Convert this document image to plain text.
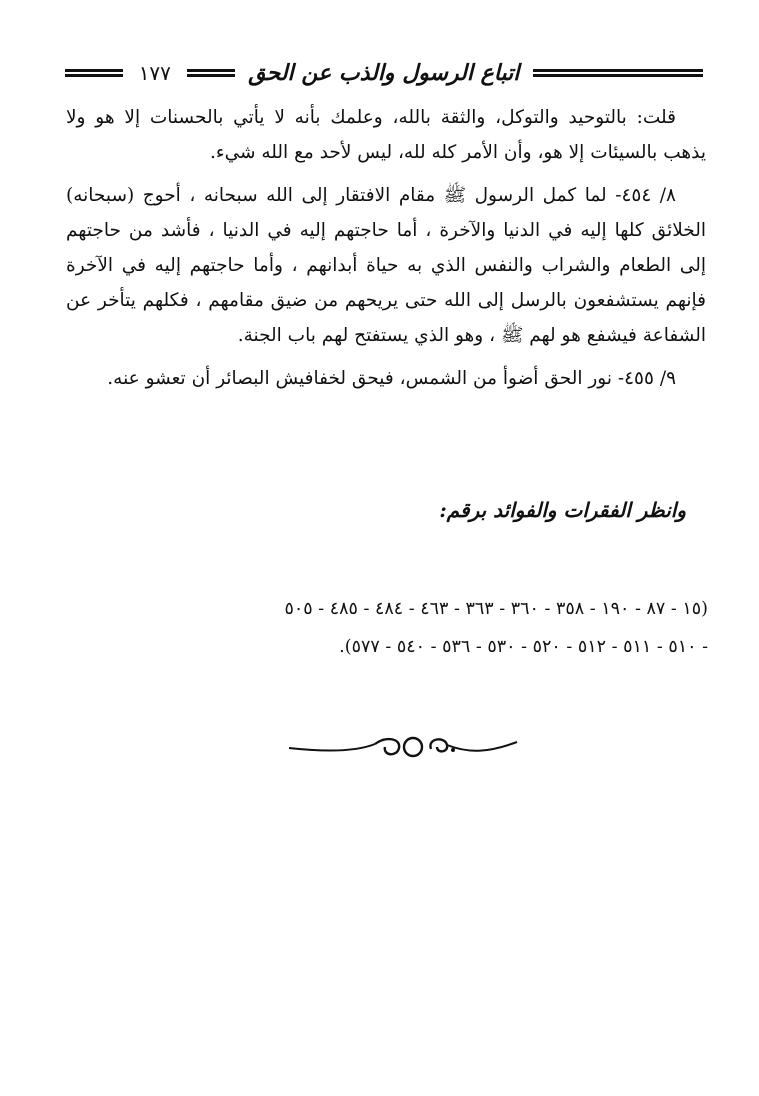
اتباع الرسول والذب عن الحق
١٧٧

قلت: بالتوحيد والتوكل، والثقة بالله، وعلمك بأنه لا يأتي بالحسنات إلا هو ولا يذهب بالسيئات إلا هو، وأن الأمر كله لله، ليس لأحد مع الله شيء.

٨/ ٤٥٤- لما كمل الرسول ﷺ مقام الافتقار إلى الله سبحانه ، أحوج (سبحانه) الخلائق كلها إليه في الدنيا والآخرة ، أما حاجتهم إليه في الدنيا ، فأشد من حاجتهم إلى الطعام والشراب والنفس الذي به حياة أبدانهم ، وأما حاجتهم إليه في الآخرة فإنهم يستشفعون بالرسل إلى الله حتى يريحهم من ضيق مقامهم ، فكلهم يتأخر عن الشفاعة فيشفع هو لهم ﷺ ، وهو الذي يستفتح لهم باب الجنة.

٩/ ٤٥٥- نور الحق أضوأ من الشمس، فيحق لخفافيش البصائر أن تعشو عنه.

وانظر الفقرات والفوائد برقم:
(١٥ - ٨٧ - ١٩٠ - ٣٥٨ - ٣٦٠ - ٣٦٣ - ٤٦٣ - ٤٨٤ - ٤٨٥ - ٥٠٥
- ٥١٠ - ٥١١ - ٥١٢ - ٥٢٠ - ٥٣٠ - ٥٣٦ - ٥٤٠ - ٥٧٧).
